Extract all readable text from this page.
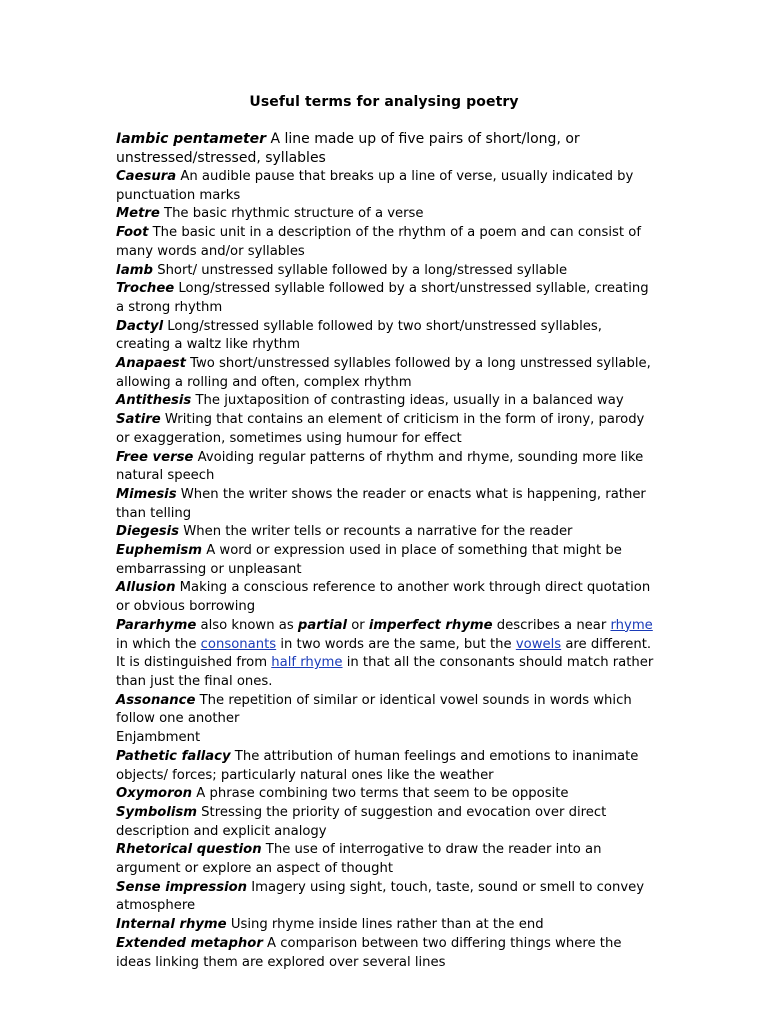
Useful terms for analysing poetry

Iambic pentameter A line made up of five pairs of short/long, or unstressed/stressed, syllables

Caesura An audible pause that breaks up a line of verse, usually indicated by punctuation marks

Metre The basic rhythmic structure of a verse

Foot The basic unit in a description of the rhythm of a poem and can consist of many words and/or syllables

Iamb Short/ unstressed syllable followed by a long/stressed syllable

Trochee Long/stressed syllable followed by a short/unstressed syllable, creating a strong rhythm

Dactyl Long/stressed syllable followed by two short/unstressed syllables, creating a waltz like rhythm

Anapaest Two short/unstressed syllables followed by a long unstressed syllable, allowing a rolling and often, complex rhythm

Antithesis The juxtaposition of contrasting ideas, usually in a balanced way

Satire Writing that contains an element of criticism in the form of irony, parody or exaggeration, sometimes using humour for effect

Free verse Avoiding regular patterns of rhythm and rhyme, sounding more like natural speech

Mimesis When the writer shows the reader or enacts what is happening, rather than telling

Diegesis When the writer tells or recounts a narrative for the reader

Euphemism A word or expression used in place of something that might be embarrassing or unpleasant

Allusion Making a conscious reference to another work through direct quotation or obvious borrowing

Pararhyme also known as partial or imperfect rhyme describes a near rhyme in which the consonants in two words are the same, but the vowels are different. It is distinguished from half rhyme in that all the consonants should match rather than just the final ones.

Assonance The repetition of similar or identical vowel sounds in words which follow one another

Enjambment

Pathetic fallacy The attribution of human feelings and emotions to inanimate objects/ forces; particularly natural ones like the weather

Oxymoron A phrase combining two terms that seem to be opposite

Symbolism Stressing the priority of suggestion and evocation over direct description and explicit analogy

Rhetorical question The use of interrogative to draw the reader into an argument or explore an aspect of thought

Sense impression Imagery using sight, touch, taste, sound or smell to convey atmosphere

Internal rhyme Using rhyme inside lines rather than at the end

Extended metaphor A comparison between two differing things where the ideas linking them are explored over several lines
